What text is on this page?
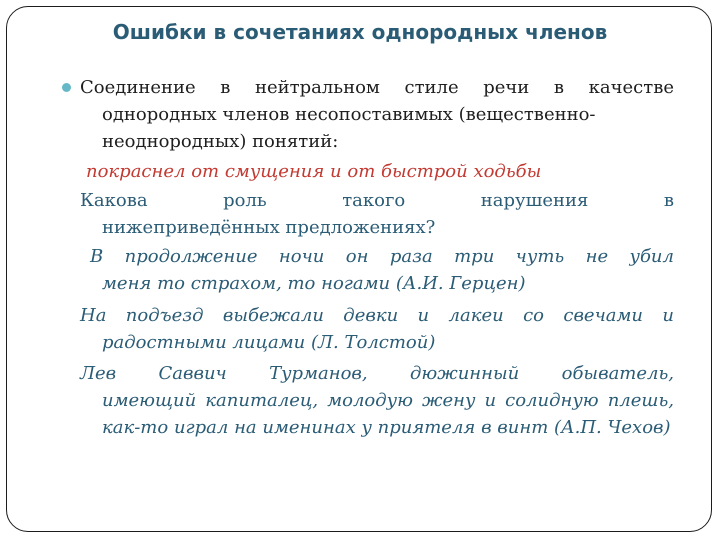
Ошибки в сочетаниях однородных членов
Соединение в нейтральном стиле речи в качестве
однородных членов несопоставимых (вещественно-
неоднородных) понятий:
покраснел от смущения и от быстрой ходьбы
Какова роль такого нарушения в
нижеприведённых предложениях?
В продолжение ночи он раза три чуть не убил
меня то страхом, то ногами (А.И. Герцен)
На подъезд выбежали девки и лакеи со свечами и
радостными лицами (Л. Толстой)
Лев Саввич Турманов, дюжинный обыватель,
имеющий капиталец, молодую жену и солидную плешь, как-то играл на именинах у приятеля в винт (А.П. Чехов)
